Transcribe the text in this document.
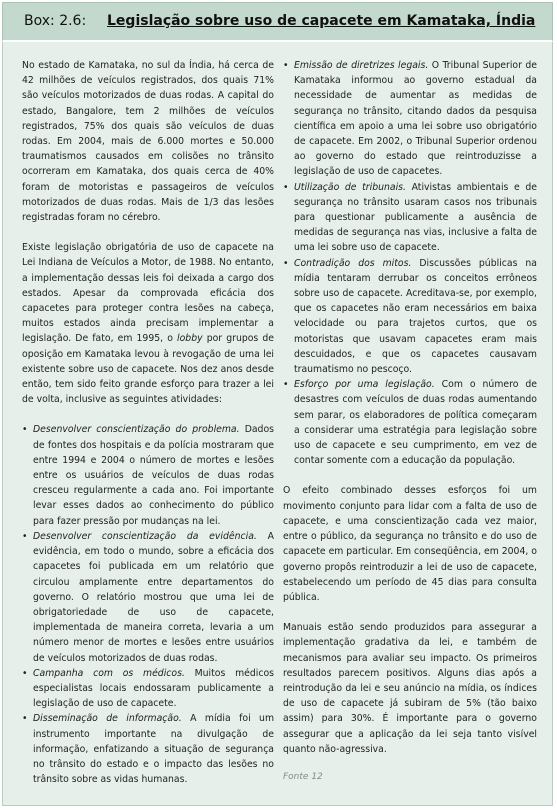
Box: 2.6: Legislação sobre uso de capacete em Kamataka, Índia

No estado de Kamataka, no sul da Índia, há cerca de 42 milhões de veículos registrados, dos quais 71% são veículos motorizados de duas rodas. A capital do estado, Bangalore, tem 2 milhões de veículos registrados, 75% dos quais são veículos de duas rodas. Em 2004, mais de 6.000 mortes e 50.000 traumatismos causados em colisões no trânsito ocorreram em Kamataka, dos quais cerca de 40% foram de motoristas e passageiros de veículos motorizados de duas rodas. Mais de 1/3 das lesões registradas foram no cérebro.

Existe legislação obrigatória de uso de capacete na Lei Indiana de Veículos a Motor, de 1988. No entanto, a implementação dessas leis foi deixada a cargo dos estados. Apesar da comprovada eficácia dos capacetes para proteger contra lesões na cabeça, muitos estados ainda precisam implementar a legislação. De fato, em 1995, o lobby por grupos de oposição em Kamataka levou à revogação de uma lei existente sobre uso de capacete. Nos dez anos desde então, tem sido feito grande esforço para trazer a lei de volta, inclusive as seguintes atividades:

• Desenvolver conscientização do problema. Dados de fontes dos hospitais e da polícia mostraram que entre 1994 e 2004 o número de mortes e lesões entre os usuários de veículos de duas rodas cresceu regularmente a cada ano. Foi importante levar esses dados ao conhecimento do público para fazer pressão por mudanças na lei.
• Desenvolver conscientização da evidência. A evidência, em todo o mundo, sobre a eficácia dos capacetes foi publicada em um relatório que circulou amplamente entre departamentos do governo. O relatório mostrou que uma lei de obrigatoriedade de uso de capacete, implementada de maneira correta, levaria a um número menor de mortes e lesões entre usuários de veículos motorizados de duas rodas.
• Campanha com os médicos. Muitos médicos especialistas locais endossaram publicamente a legislação de uso de capacete.
• Disseminação de informação. A mídia foi um instrumento importante na divulgação de informação, enfatizando a situação de segurança no trânsito do estado e o impacto das lesões no trânsito sobre as vidas humanas.
• Emissão de diretrizes legais. O Tribunal Superior de Kamataka informou ao governo estadual da necessidade de aumentar as medidas de segurança no trânsito, citando dados da pesquisa científica em apoio a uma lei sobre uso obrigatório de capacete. Em 2002, o Tribunal Superior ordenou ao governo do estado que reintroduzisse a legislação de uso de capacetes.
• Utilização de tribunais. Ativistas ambientais e de segurança no trânsito usaram casos nos tribunais para questionar publicamente a ausência de medidas de segurança nas vias, inclusive a falta de uma lei sobre uso de capacete.
• Contradição dos mitos. Discussões públicas na mídia tentaram derrubar os conceitos errôneos sobre uso de capacete. Acreditava-se, por exemplo, que os capacetes não eram necessários em baixa velocidade ou para trajetos curtos, que os motoristas que usavam capacetes eram mais descuidados, e que os capacetes causavam traumatismo no pescoço.
• Esforço por uma legislação. Com o número de desastres com veículos de duas rodas aumentando sem parar, os elaboradores de política começaram a considerar uma estratégia para legislação sobre uso de capacete e seu cumprimento, em vez de contar somente com a educação da população.

O efeito combinado desses esforços foi um movimento conjunto para lidar com a falta de uso de capacete, e uma conscientização cada vez maior, entre o público, da segurança no trânsito e do uso de capacete em particular. Em conseqüência, em 2004, o governo propôs reintroduzir a lei de uso de capacete, estabelecendo um período de 45 dias para consulta pública.

Manuais estão sendo produzidos para assegurar a implementação gradativa da lei, e também de mecanismos para avaliar seu impacto. Os primeiros resultados parecem positivos. Alguns dias após a reintrodução da lei e seu anúncio na mídia, os índices de uso de capacete já subiram de 5% (tão baixo assim) para 30%. É importante para o governo assegurar que a aplicação da lei seja tanto visível quanto não-agressiva.

Fonte 12
